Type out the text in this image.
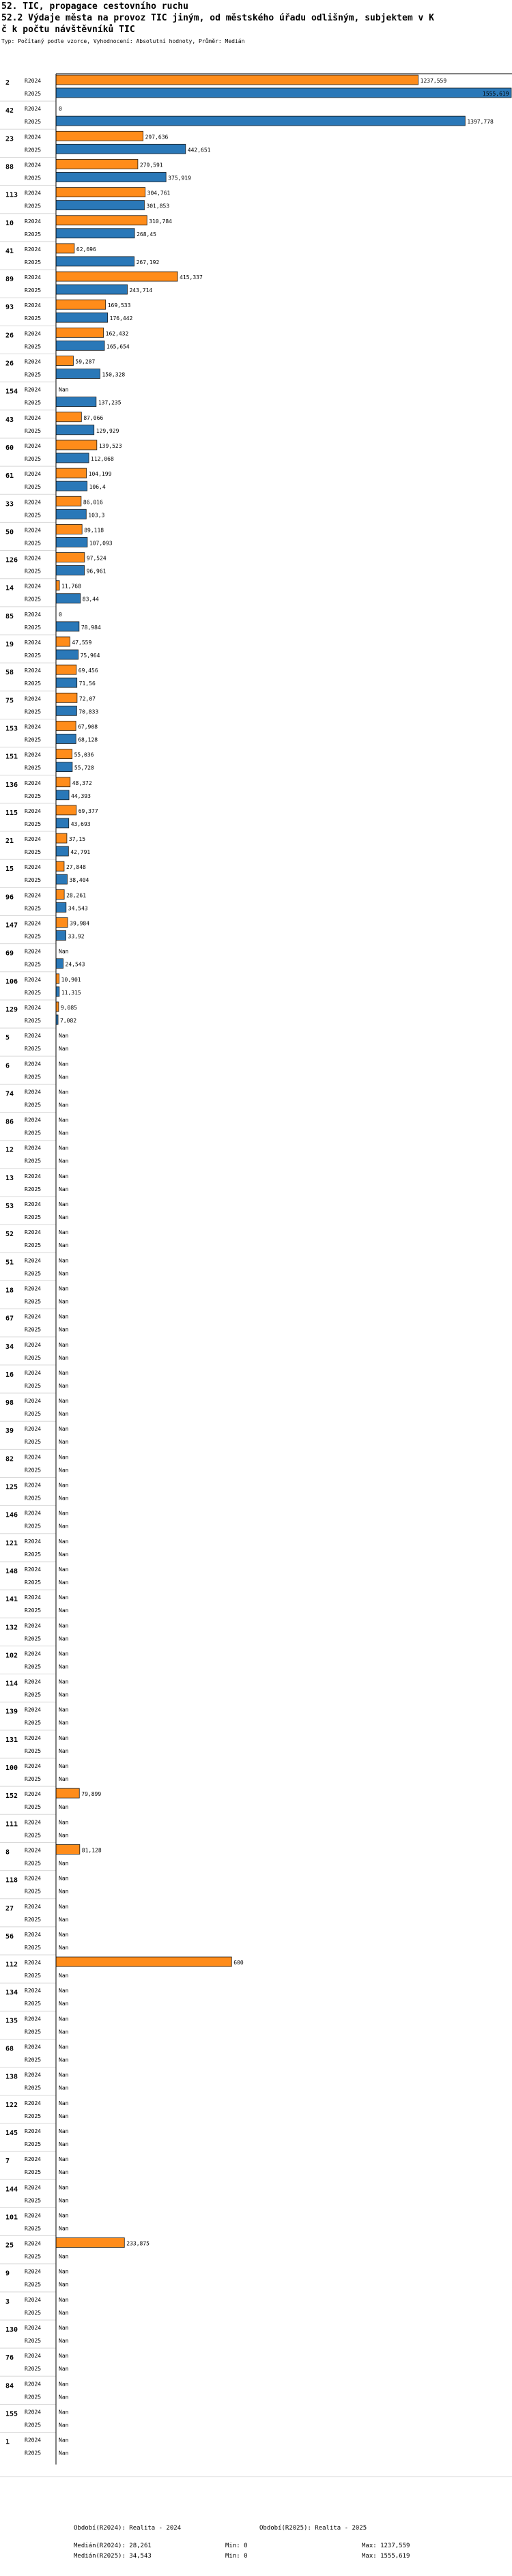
52. TIC, propagace cestovního ruchu
52.2 Výdaje města na provoz TIC jiným, od městského úřadu odlišným, subjektem v K
č k počtu návštěvníků TIC
Typ: Počítaný podle vzorce, Vyhodnocení: Absolutní hodnoty, Průměr: Medián
2	R2024	1237,559
R2025	1555,619
42 R2024	0
R2025	1397,778
23 R2024	297,636
R2025	442,651
88 R2024	279,591
R2025	375,919
113 R2024	304,761
R2025	301,853
10 R2024	310,784
R2025	268,45
41 R2024	62,696
R2025	267,192
89 R2024	415,337
R2025	243,714
93 R2024	169,533
R2025	176,442
26 R2024	162,432
R2025	165,654
26 R2024	59,287
R2025	150,328
154 R2024	Nan
R2025	137,235
43 R2024	87,066
R2025	129,929
60 R2024	139,523
R2025	112,068
61 R2024	104,199
R2025	106,4
33 R2024	86,016
R2025	103,3
50 R2024	89,118
R2025	107,093
126 R2024	97,524
R2025	96,961
14 R2024	11,768
R2025	83,44
85 R2024	0
R2025	78,984
19 R2024	47,559
R2025	75,964
58 R2024	69,456
R2025	71,56
75 R2024	72,07
R2025	70,833
153 R2024	67,908
R2025	68,128
151 R2024	55,036
R2025	55,728
136 R2024	48,372
R2025	44,393
115 R2024	69,377
R2025	43,693
21 R2024	37,15
R2025	42,791
15 R2024	27,848
R2025	38,404
96 R2024	28,261
R2025	34,543
147 R2024	39,984
R2025	33,92
69 R2024	Nan
R2025	24,543
106 R2024	10,901
R2025	11,315
129 R2024	9,085
R2025	7,082
5	R2024	Nan
R2025	Nan
6	R2024	Nan
R2025	Nan
74 R2024	Nan
R2025	Nan
86 R2024	Nan
R2025	Nan
12 R2024	Nan
R2025	Nan
13 R2024	Nan
R2025	Nan
53 R2024	Nan
R2025	Nan
52 R2024	Nan
R2025	Nan
51 R2024	Nan
R2025	Nan
18 R2024	Nan
R2025	Nan
67 R2024	Nan
R2025	Nan
34 R2024	Nan
R2025	Nan
16 R2024	Nan
R2025	Nan
98 R2024	Nan
R2025	Nan
39 R2024	Nan
R2025	Nan
82 R2024	Nan
R2025	Nan
125 R2024	Nan
R2025	Nan
146 R2024	Nan
R2025	Nan
121 R2024	Nan
R2025	Nan
148 R2024	Nan
R2025	Nan
141 R2024	Nan
R2025	Nan
132 R2024	Nan
R2025	Nan
102 R2024	Nan
R2025	Nan
114 R2024	Nan
R2025	Nan
139 R2024	Nan
R2025	Nan
131 R2024	Nan
R2025	Nan
100 R2024	Nan
R2025	Nan
152 R2024	79,899
R2025	Nan
111 R2024	Nan
R2025	Nan
8	R2024	81,128
R2025	Nan
118 R2024	Nan
R2025	Nan
27 R2024	Nan
R2025	Nan
56 R2024	Nan
R2025	Nan
112 R2024	600
R2025	Nan
134 R2024	Nan
R2025	Nan
135 R2024	Nan
R2025	Nan
68 R2024	Nan
R2025	Nan
138 R2024	Nan
R2025	Nan
122 R2024	Nan
R2025	Nan
145 R2024	Nan
R2025	Nan
7	R2024	Nan
R2025	Nan
144 R2024	Nan
R2025	Nan
101 R2024	Nan
R2025	Nan
25 R2024	233,875
R2025	Nan
9	R2024	Nan
R2025	Nan
3	R2024	Nan
R2025	Nan
130 R2024	Nan
R2025	Nan
76 R2024	Nan
R2025	Nan
84 R2024	Nan
R2025	Nan
155 R2024	Nan
R2025	Nan
1	R2024	Nan
R2025	Nan
Období(R2024): Realita - 2024	Období(R2025): Realita - 2025
Medián(R2024): 28,261	Min: 0	Max: 1237,559
Medián(R2025): 34,543	Min: 0	Max: 1555,619
